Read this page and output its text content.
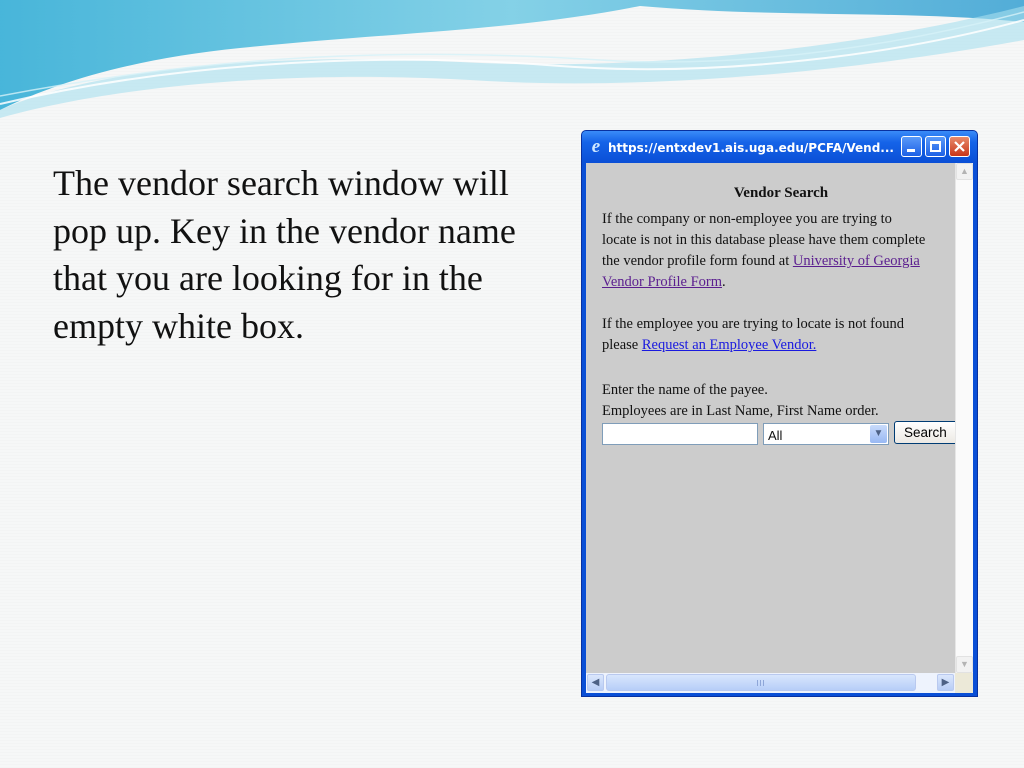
The vendor search window will pop up. Key in the vendor name that you are looking for in the empty white box.

e https://entxdev1.ais.uga.edu/PCFA/Vend...
Vendor Search
If the company or non-employee you are trying to
locate is not in this database please have them complete
the vendor profile form found at University of Georgia
Vendor Profile Form.
If the employee you are trying to locate is not found
please Request an Employee Vendor.
Enter the name of the payee.
Employees are in Last Name, First Name order.
All	▼	Search
▲
▼
◀	▶
